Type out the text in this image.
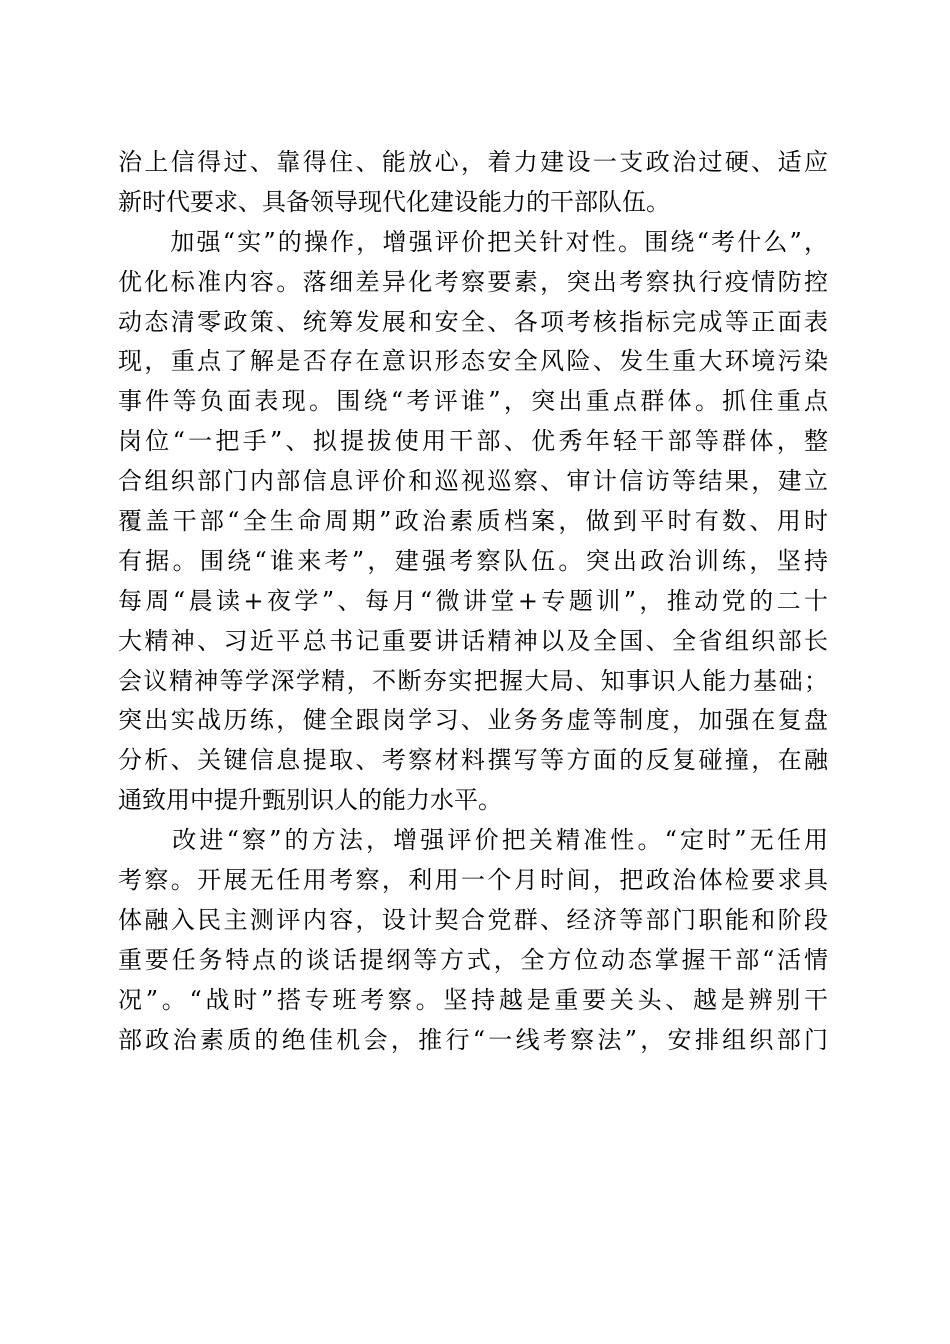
治上信得过、靠得住、能放心，着力建设一支政治过硬、适应
新时代要求、具备领导现代化建设能力的干部队伍。
　　加强“实”的操作，增强评价把关针对性。围绕“考什么”，
优化标准内容。落细差异化考察要素，突出考察执行疫情防控
动态清零政策、统筹发展和安全、各项考核指标完成等正面表
现，重点了解是否存在意识形态安全风险、发生重大环境污染
事件等负面表现。围绕“考评谁”，突出重点群体。抓住重点
岗位“一把手”、拟提拔使用干部、优秀年轻干部等群体，整
合组织部门内部信息评价和巡视巡察、审计信访等结果，建立
覆盖干部“全生命周期”政治素质档案，做到平时有数、用时
有据。围绕“谁来考”，建强考察队伍。突出政治训练，坚持
每周“晨读+夜学”、每月“微讲堂+专题训”，推动党的二十
大精神、习近平总书记重要讲话精神以及全国、全省组织部长
会议精神等学深学精，不断夯实把握大局、知事识人能力基础；
突出实战历练，健全跟岗学习、业务务虚等制度，加强在复盘
分析、关键信息提取、考察材料撰写等方面的反复碰撞，在融
通致用中提升甄别识人的能力水平。
　　改进“察”的方法，增强评价把关精准性。“定时”无任用
考察。开展无任用考察，利用一个月时间，把政治体检要求具
体融入民主测评内容，设计契合党群、经济等部门职能和阶段
重要任务特点的谈话提纲等方式，全方位动态掌握干部“活情
况”。“战时”搭专班考察。坚持越是重要关头、越是辨别干
部政治素质的绝佳机会，推行“一线考察法”，安排组织部门
